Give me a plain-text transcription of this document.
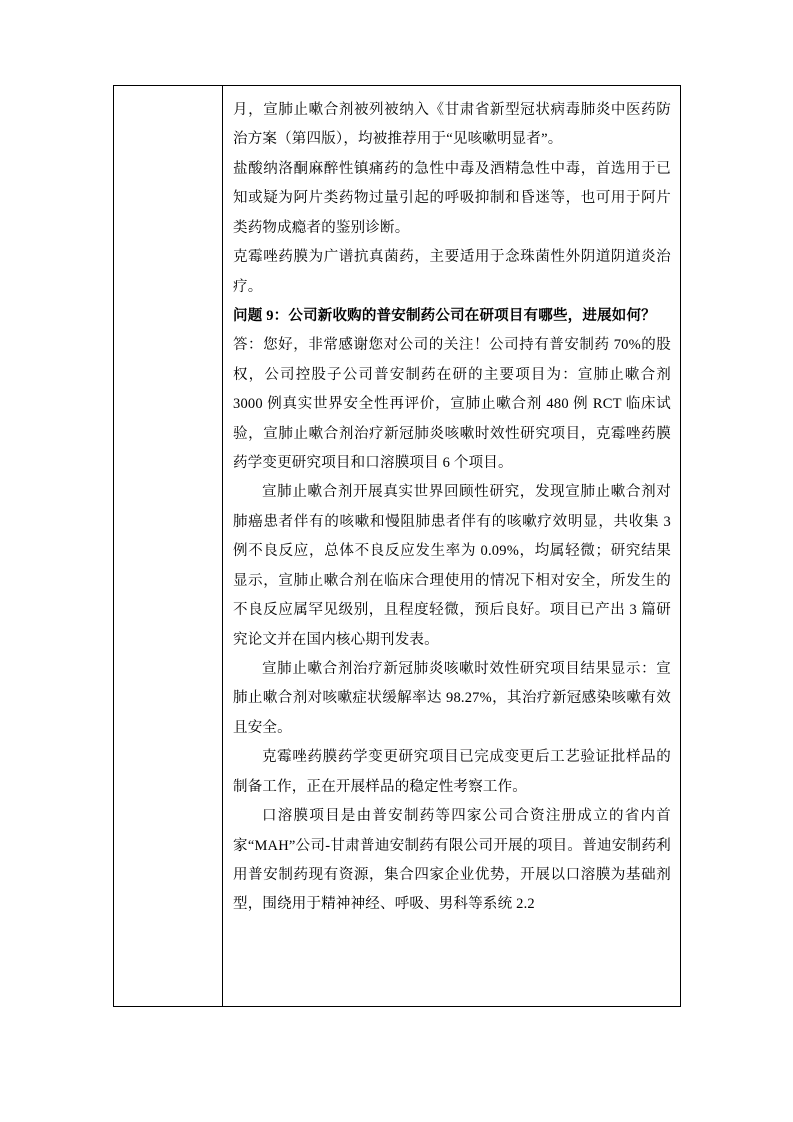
月，宣肺止嗽合剂被列被纳入《甘肃省新型冠状病毒肺炎中医药防治方案（第四版），均被推荐用于“见咳嗽明显者”。

盐酸纳洛酮麻醉性镇痛药的急性中毒及酒精急性中毒，首选用于已知或疑为阿片类药物过量引起的呼吸抑制和昏迷等，也可用于阿片类药物成瘾者的鉴别诊断。

克霉唑药膜为广谱抗真菌药，主要适用于念珠菌性外阴道阴道炎治疗。

问题 9：公司新收购的普安制药公司在研项目有哪些，进展如何？

答：您好，非常感谢您对公司的关注！公司持有普安制药 70%的股权，公司控股子公司普安制药在研的主要项目为：宣肺止嗽合剂 3000 例真实世界安全性再评价，宣肺止嗽合剂 480 例 RCT 临床试验，宣肺止嗽合剂治疗新冠肺炎咳嗽时效性研究项目，克霉唑药膜药学变更研究项目和口溶膜项目 6 个项目。

宣肺止嗽合剂开展真实世界回顾性研究，发现宣肺止嗽合剂对肺癌患者伴有的咳嗽和慢阻肺患者伴有的咳嗽疗效明显，共收集 3 例不良反应，总体不良反应发生率为 0.09%，均属轻微；研究结果显示，宣肺止嗽合剂在临床合理使用的情况下相对安全，所发生的不良反应属罕见级别，且程度轻微，预后良好。项目已产出 3 篇研究论文并在国内核心期刊发表。

宣肺止嗽合剂治疗新冠肺炎咳嗽时效性研究项目结果显示：宣肺止嗽合剂对咳嗽症状缓解率达 98.27%，其治疗新冠感染咳嗽有效且安全。

克霉唑药膜药学变更研究项目已完成变更后工艺验证批样品的制备工作，正在开展样品的稳定性考察工作。

口溶膜项目是由普安制药等四家公司合资注册成立的省内首家“MAH”公司-甘肃普迪安制药有限公司开展的项目。普迪安制药利用普安制药现有资源，集合四家企业优势，开展以口溶膜为基础剂型，围绕用于精神神经、呼吸、男科等系统 2.2
